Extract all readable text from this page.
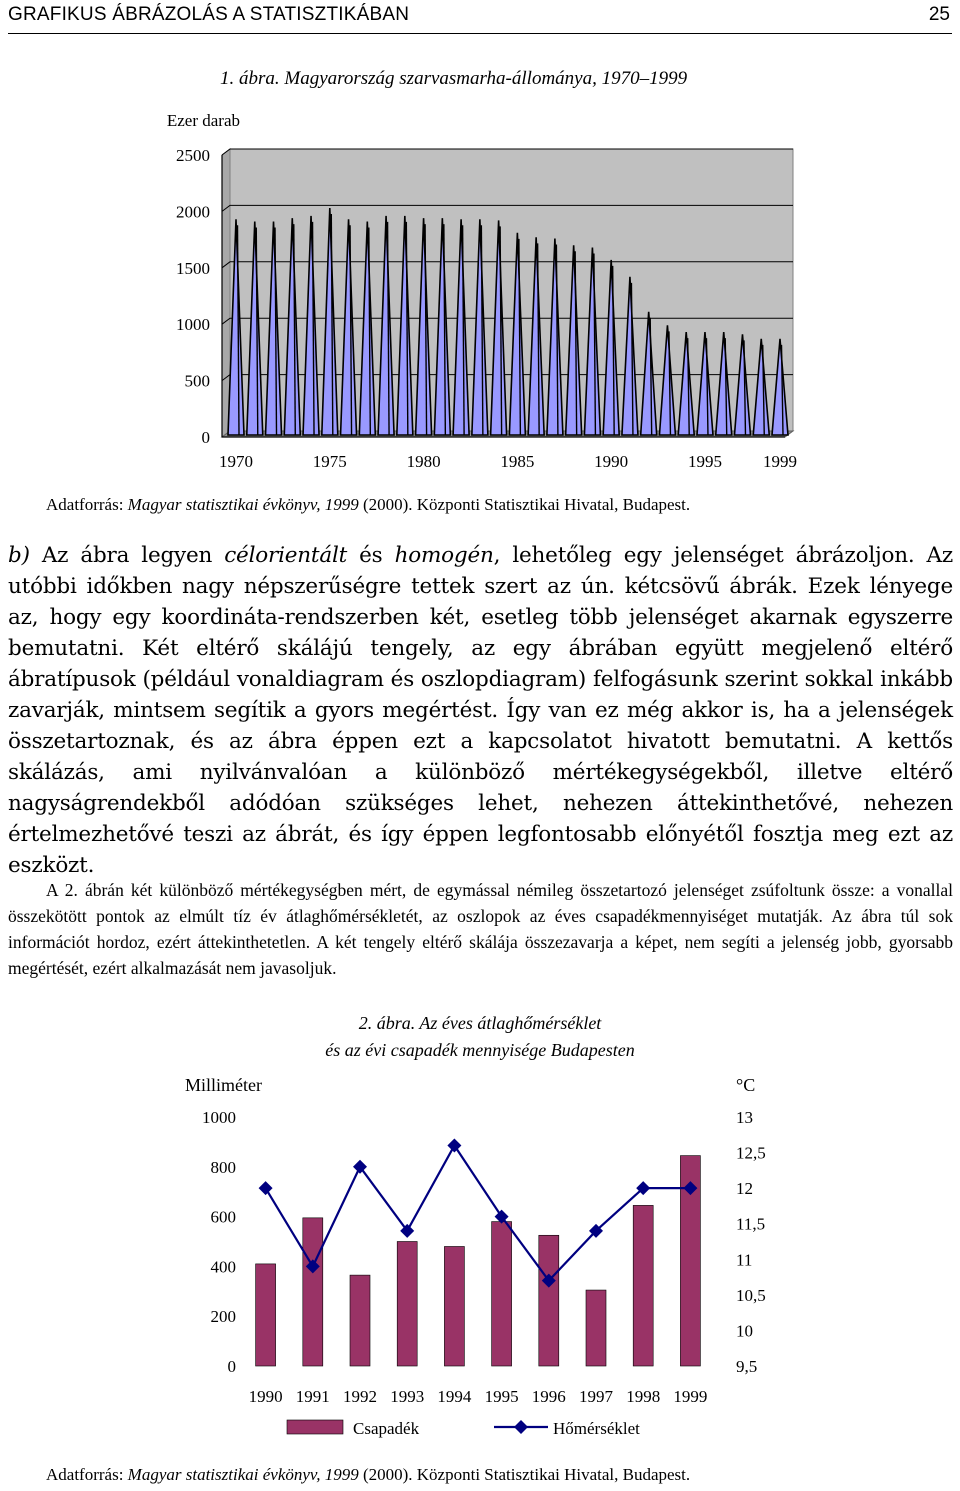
GRAFIKUS ÁBRÁZOLÁS A STATISZTIKÁBAN	25
1. ábra. Magyarország szarvasmarha-állománya, 1970–1999
0
500
1000
1500
2000
2500
Ezer darab
1970	1975	1980	1985	1990	1995 1999
Adatforrás: Magyar statisztikai évkönyv, 1999 (2000). Központi Statisztikai Hivatal, Budapest.

b) Az ábra legyen célorientált és homogén, lehetőleg egy jelenséget ábrázoljon. Az utóbbi időkben nagy népszerűségre tettek szert az ún. kétcsövű ábrák. Ezek lényege az, hogy egy koordináta-rendszerben két, esetleg több jelenséget akarnak egyszerre bemutatni. Két eltérő skálájú tengely, az egy ábrában együtt megjelenő eltérő ábratípusok (például vonaldiagram és oszlopdiagram) felfogásunk szerint sokkal inkább zavarják, mintsem segítik a gyors megértést. Így van ez még akkor is, ha a jelenségek összetartoznak, és az ábra éppen ezt a kapcsolatot hivatott bemutatni. A kettős skálázás, ami nyilvánvalóan a különböző mértékegységekből, illetve eltérő nagyságrendekből adódóan szükséges lehet, nehezen áttekinthetővé, nehezen értelmezhetővé teszi az ábrát, és így éppen legfontosabb előnyétől fosztja meg ezt az eszközt.

A 2. ábrán két különböző mértékegységben mért, de egymással némileg összetartozó jelenséget zsúfoltunk össze: a vonallal összekötött pontok az elmúlt tíz év átlaghőmérsékletét, az oszlopok az éves csapadékmennyiséget mutatják. Az ábra túl sok információt hordoz, ezért áttekinthetetlen. A két tengely eltérő skálája összezavarja a képet, nem segíti a jelenség jobb, gyorsabb megértését, ezért alkalmazását nem javasoljuk.

2. ábra. Az éves átlaghőmérséklet
és az évi csapadék mennyisége Budapesten
Milliméter	°C
0
200
400
600
800
1000
9,5
10
10,5
11
11,5
12
12,5
13
1990 1991 1992 1993 1994 1995 1996 1997 1998 1999
Csapadék	Hőmérséklet
Adatforrás: Magyar statisztikai évkönyv, 1999 (2000). Központi Statisztikai Hivatal, Budapest.
